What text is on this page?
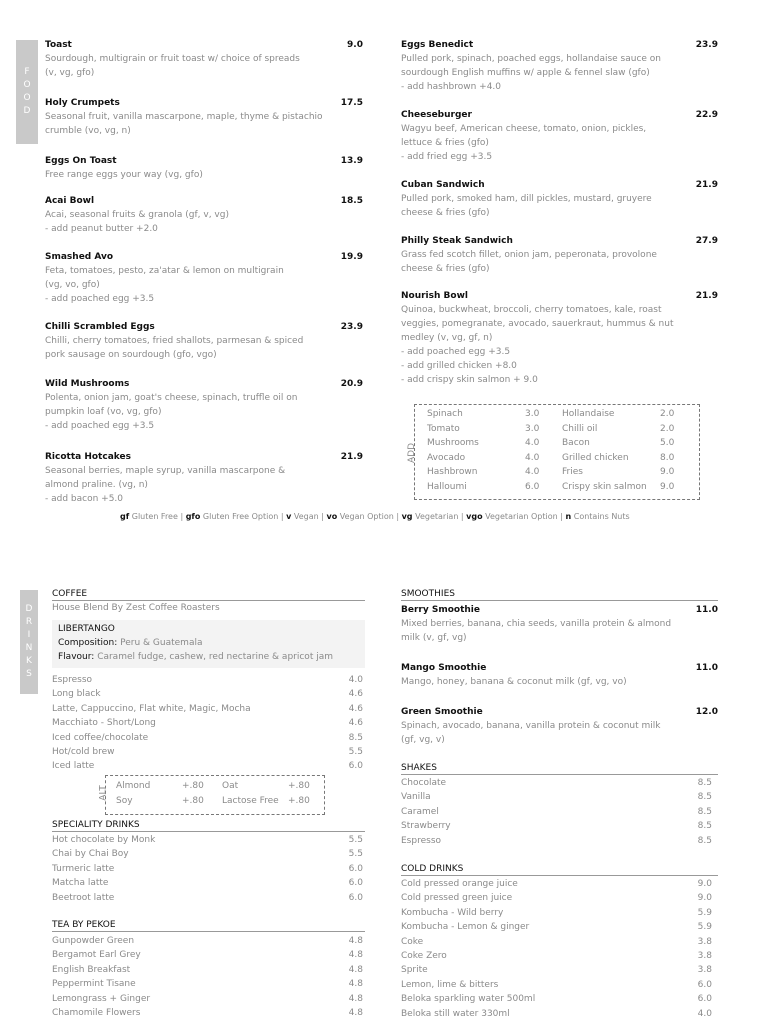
F
O
O
D
D
R
I
N
K
S
Toast	9.0
Sourdough, multigrain or fruit toast w/ choice of spreads
(v, vg, gfo)
Holy Crumpets	17.5
Seasonal fruit, vanilla mascarpone, maple, thyme & pistachio
crumble (vo, vg, n)
Eggs On Toast	13.9
Free range eggs your way (vg, gfo)
Acai Bowl	18.5
Acai, seasonal fruits & granola (gf, v, vg)
- add peanut butter +2.0
Smashed Avo	19.9
Feta, tomatoes, pesto, za'atar & lemon on multigrain
(vg, vo, gfo)
- add poached egg +3.5
Chilli Scrambled Eggs	23.9
Chilli, cherry tomatoes, fried shallots, parmesan & spiced
pork sausage on sourdough (gfo, vgo)
Wild Mushrooms	20.9
Polenta, onion jam, goat's cheese, spinach, truffle oil on
pumpkin loaf (vo, vg, gfo)
- add poached egg +3.5
Ricotta Hotcakes	21.9
Seasonal berries, maple syrup, vanilla mascarpone &
almond praline. (vg, n)
- add bacon +5.0
Eggs Benedict	23.9
Pulled pork, spinach, poached eggs, hollandaise sauce on
sourdough English muffins w/ apple & fennel slaw (gfo)
- add hashbrown +4.0
Cheeseburger	22.9
Wagyu beef, American cheese, tomato, onion, pickles,
lettuce & fries (gfo)
- add fried egg +3.5
Cuban Sandwich	21.9
Pulled pork, smoked ham, dill pickles, mustard, gruyere
cheese & fries (gfo)
Philly Steak Sandwich	27.9
Grass fed scotch fillet, onion jam, peperonata, provolone
cheese & fries (gfo)
Nourish Bowl	21.9
Quinoa, buckwheat, broccoli, cherry tomatoes, kale, roast
veggies, pomegranate, avocado, sauerkraut, hummus & nut
medley (v, vg, gf, n)
- add poached egg +3.5
- add grilled chicken +8.0
- add crispy skin salmon + 9.0
ADD
Spinach	3.0	Hollandaise	2.0
Tomato	3.0	Chilli oil	2.0
Mushrooms	4.0	Bacon	5.0
Avocado	4.0	Grilled chicken	8.0
Hashbrown	4.0	Fries	9.0
Halloumi	6.0	Crispy skin salmon	9.0
gf Gluten Free | gfo Gluten Free Option | v Vegan | vo Vegan Option | vg Vegetarian | vgo Vegetarian Option | n Contains Nuts
COFFEE
House Blend By Zest Coffee Roasters
LIBERTANGO
Composition: Peru & Guatemala
Flavour: Caramel fudge, cashew, red nectarine & apricot jam
Espresso	4.0
Long black	4.6
Latte, Cappuccino, Flat white, Magic, Mocha	4.6
Macchiato - Short/Long	4.6
Iced coffee/chocolate	8.5
Hot/cold brew	5.5
Iced latte	6.0
ALT Almond	+.80	Oat	+.80
Soy	+.80	Lactose Free	+.80
SPECIALITY DRINKS
Hot chocolate by Monk	5.5
Chai by Chai Boy	5.5
Turmeric latte	6.0
Matcha latte	6.0
Beetroot latte	6.0
TEA BY PEKOE
Gunpowder Green	4.8
Bergamot Earl Grey	4.8
English Breakfast	4.8
Peppermint Tisane	4.8
Lemongrass + Ginger	4.8
Chamomile Flowers	4.8
SMOOTHIES
Berry Smoothie	11.0
Mixed berries, banana, chia seeds, vanilla protein & almond
milk (v, gf, vg)
Mango Smoothie	11.0
Mango, honey, banana & coconut milk (gf, vg, vo)
Green Smoothie	12.0
Spinach, avocado, banana, vanilla protein & coconut milk
(gf, vg, v)
SHAKES
Chocolate	8.5
Vanilla	8.5
Caramel	8.5
Strawberry	8.5
Espresso	8.5
COLD DRINKS
Cold pressed orange juice	9.0
Cold pressed green juice	9.0
Kombucha - Wild berry	5.9
Kombucha - Lemon & ginger	5.9
Coke	3.8
Coke Zero	3.8
Sprite	3.8
Lemon, lime & bitters	6.0
Beloka sparkling water 500ml	6.0
Beloka still water 330ml	4.0
